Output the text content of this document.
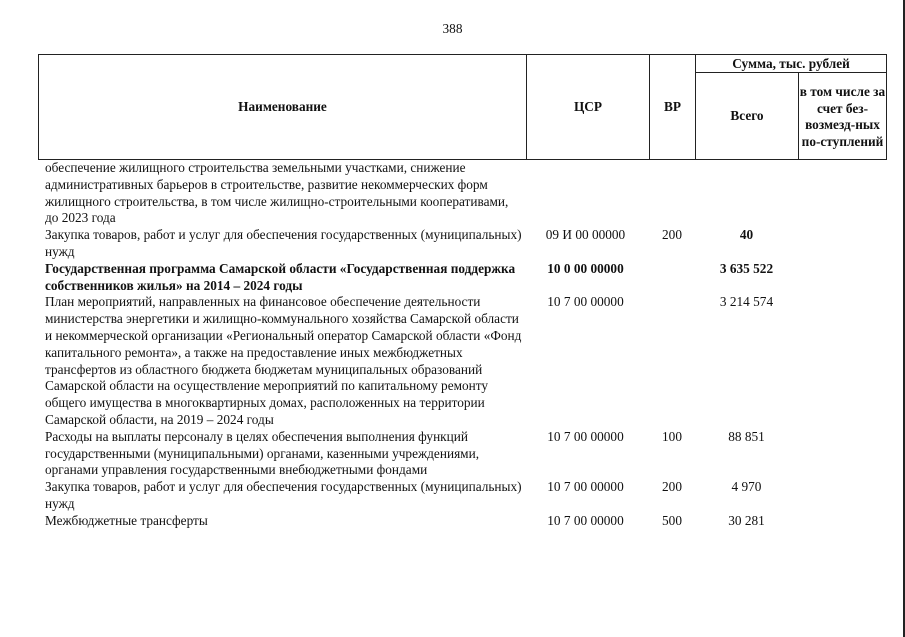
388
Наименование	ЦСР	ВР	Сумма, тыс. рублей	
			Всего	в том числе за счет без-возмезд-ных по-ступлений
обеспечение жилищного строительства земельными участками, снижение административных барьеров в строительстве, развитие некоммерческих форм жилищного строительства, в том числе жилищно-строительными кооперативами, до 2023 года				
Закупка товаров, работ и услуг для обеспечения государственных (муниципальных) нужд	09 И 00 00000	200	40	
Государственная программа Самарской области «Государственная поддержка собственников жилья» на 2014 – 2024 годы	10 0 00 00000		3 635 522	
План мероприятий, направленных на финансовое обеспечение деятельности министерства энергетики и жилищно-коммунального хозяйства Самарской области и некоммерческой организации «Региональный оператор Самарской области «Фонд капитального ремонта», а также на предоставление иных межбюджетных трансфертов из областного бюджета бюджетам муниципальных образований Самарской области на осуществление мероприятий по капитальному ремонту общего имущества в многоквартирных домах, расположенных на территории Самарской области, на 2019 – 2024 годы	10 7 00 00000		3 214 574	
Расходы на выплаты персоналу в целях обеспечения выполнения функций государственными (муниципальными) органами, казенными учреждениями, органами управления государственными внебюджетными фондами	10 7 00 00000	100	88 851	
Закупка товаров, работ и услуг для обеспечения государственных (муниципальных) нужд	10 7 00 00000	200	4 970	
Межбюджетные трансферты	10 7 00 00000	500	30 281	
